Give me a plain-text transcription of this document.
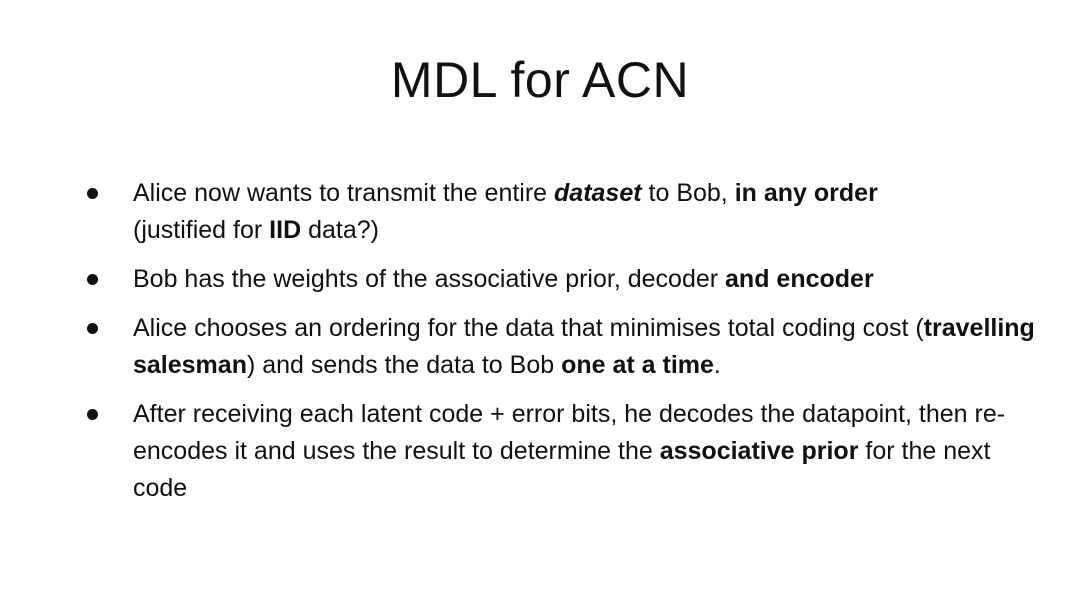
MDL for ACN
Alice now wants to transmit the entire dataset to Bob, in any order
(justified for IID data?)
Bob has the weights of the associative prior, decoder and encoder
Alice chooses an ordering for the data that minimises total coding cost (travelling salesman) and sends the data to Bob one at a time.
After receiving each latent code + error bits, he decodes the datapoint, then re-encodes it and uses the result to determine the associative prior for the next code
